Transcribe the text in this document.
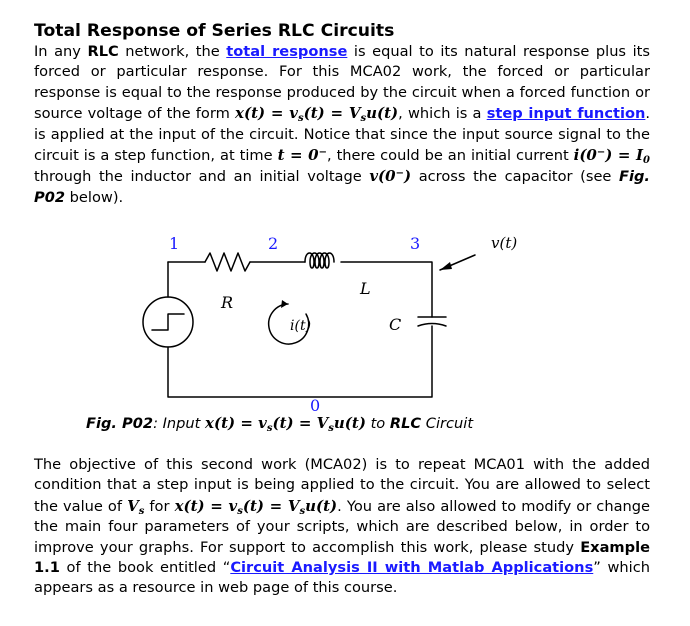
Total Response of Series RLC Circuits

In any RLC network, the total response is equal to its natural response plus its forced or particular response. For this MCA02 work, the forced or particular response is equal to the response produced by the circuit when a forced function or source voltage of the form $x(t) = v_s(t) = V_su(t)$, which is a step input function. is applied at the input of the circuit. Notice that since the input source signal to the circuit is a step function, at time t = 0−, there could be an initial current $i(0^-) = I_0$ through the inductor and an initial voltage v(0−) across the capacitor (see Fig. P02 below).

1	2	3	v(t)
R
L
C
i(t)
0
Fig. P02: Input $x(t) = v_s(t) = V_su(t)$ to RLC Circuit

The objective of this second work (MCA02) is to repeat MCA01 with the added condition that a step input is being applied to the circuit. You are allowed to select the value of $V_s$ for $x(t) = v_s(t) = V_su(t)$. You are also allowed to modify or change the main four parameters of your scripts, which are described below, in order to improve your graphs. For support to accomplish this work, please study Example 1.1 of the book entitled “Circuit Analysis II with Matlab Applications” which appears as a resource in web page of this course.
